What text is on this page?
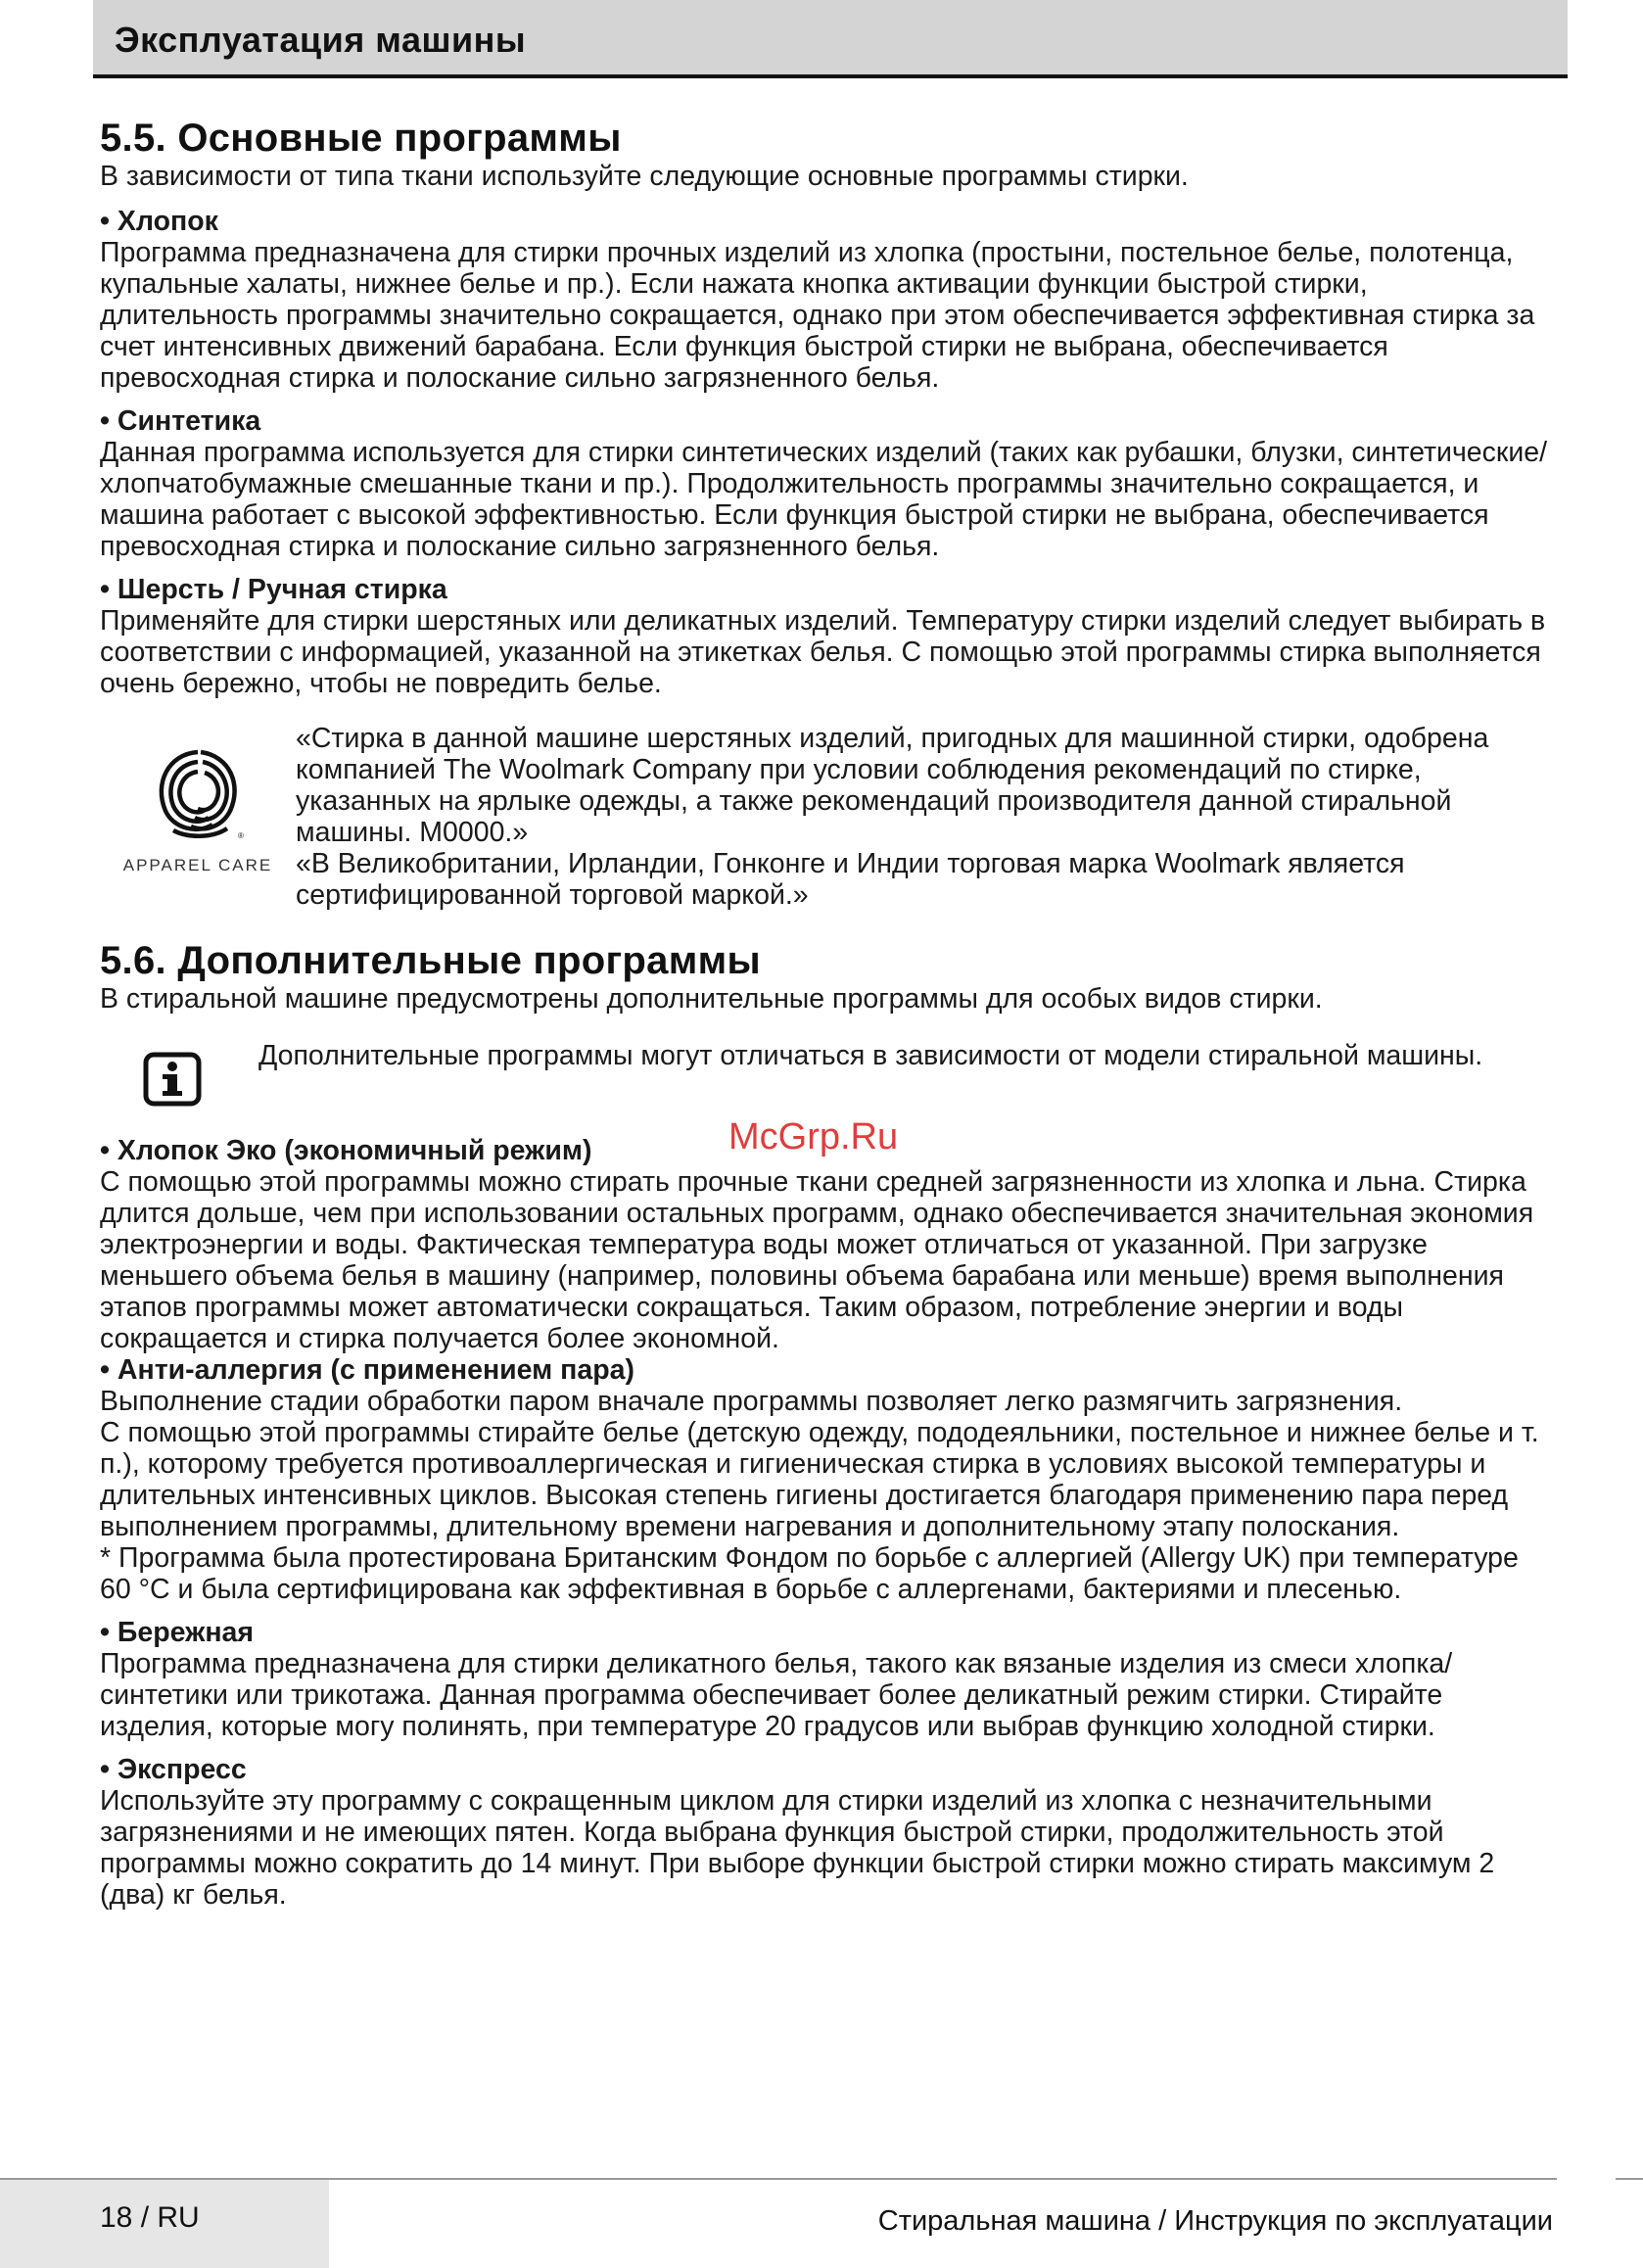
Эксплуатация машины
5.5. Основные программы

В зависимости от типа ткани используйте следующие основные программы стирки.

• Хлопок

Программа предназначена для стирки прочных изделий из хлопка (простыни, постельное белье, полотенца, купальные халаты, нижнее белье и пр.). Если нажата кнопка активации функции быстрой стирки, длительность программы значительно сокращается, однако при этом обеспечивается эффективная стирка за счет интенсивных движений барабана. Если функция быстрой стирки не выбрана, обеспечивается превосходная стирка и полоскание сильно загрязненного белья.

• Синтетика

Данная программа используется для стирки синтетических изделий (таких как рубашки, блузки, синтетические/хлопчатобумажные смешанные ткани и пр.). Продолжительность программы значительно сокращается, и машина работает с высокой эффективностью. Если функция быстрой стирки не выбрана, обеспечивается превосходная стирка и полоскание сильно загрязненного белья.

• Шерсть / Ручная стирка

Применяйте для стирки шерстяных или деликатных изделий. Температуру стирки изделий следует выбирать в соответствии с информацией, указанной на этикетках белья. С помощью этой программы стирка выполняется очень бережно, чтобы не повредить белье.

®
APPAREL CARE

«Стирка в данной машине шерстяных изделий, пригодных для машинной стирки, одобрена компанией The Woolmark Company при условии соблюдения рекомендаций по стирке, указанных на ярлыке одежды, а также рекомендаций производителя данной стиральной машины. M0000.»

«В Великобритании, Ирландии, Гонконге и Индии торговая марка Woolmark является сертифицированной торговой маркой.»

5.6. Дополнительные программы

В стиральной машине предусмотрены дополнительные программы для особых видов стирки.

Дополнительные программы могут отличаться в зависимости от модели стиральной машины.

• Хлопок Эко (экономичный режим)

С помощью этой программы можно стирать прочные ткани средней загрязненности из хлопка и льна. Стирка длится дольше, чем при использовании остальных программ, однако обеспечивается значительная экономия электроэнергии и воды. Фактическая температура воды может отличаться от указанной. При загрузке меньшего объема белья в машину (например, половины объема барабана или меньше) время выполнения этапов программы может автоматически сокращаться. Таким образом, потребление энергии и воды сокращается и стирка получается более экономной.

• Анти-аллергия (с применением пара)

Выполнение стадии обработки паром вначале программы позволяет легко размягчить загрязнения.

С помощью этой программы стирайте белье (детскую одежду, пододеяльники, постельное и нижнее белье и т. п.), которому требуется противоаллергическая и гигиеническая стирка в условиях высокой температуры и длительных интенсивных циклов. Высокая степень гигиены достигается благодаря применению пара перед выполнением программы, длительному времени нагревания и дополнительному этапу полоскания.

* Программа была протестирована Британским Фондом по борьбе с аллергией (Allergy UK) при температуре 60 °C и была сертифицирована как эффективная в борьбе с аллергенами, бактериями и плесенью.

• Бережная

Программа предназначена для стирки деликатного белья, такого как вязаные изделия из смеси хлопка/синтетики или трикотажа. Данная программа обеспечивает более деликатный режим стирки. Стирайте изделия, которые могу полинять, при температуре 20 градусов или выбрав функцию холодной стирки.

• Экспресс

Используйте эту программу с сокращенным циклом для стирки изделий из хлопка с незначительными загрязнениями и не имеющих пятен. Когда выбрана функция быстрой стирки, продолжительность этой программы можно сократить до 14 минут. При выборе функции быстрой стирки можно стирать максимум 2 (два) кг белья.

McGrp.Ru
18 / RU	Стиральная машина / Инструкция по эксплуатации
